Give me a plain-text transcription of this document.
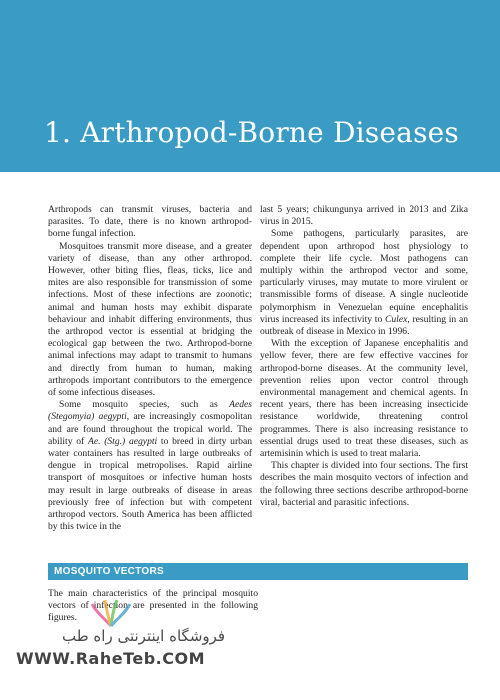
1. Arthropod-Borne Diseases

Arthropods can transmit viruses, bacteria and parasites. To date, there is no known arthropod-borne fungal infection.

Mosquitoes transmit more disease, and a greater variety of disease, than any other arthropod. However, other biting flies, fleas, ticks, lice and mites are also responsible for transmission of some infections. Most of these infections are zoonotic; animal and human hosts may exhibit disparate behaviour and inhabit differing environments, thus the arthropod vector is essential at bridging the ecological gap between the two. Arthropod-borne animal infections may adapt to transmit to humans and directly from human to human, making arthropods important contributors to the emergence of some infectious diseases.

Some mosquito species, such as Aedes (Stegomyia) aegypti, are increasingly cosmopolitan and are found throughout the tropical world. The ability of Ae. (Stg.) aegypti to breed in dirty urban water containers has resulted in large outbreaks of dengue in tropical metropolises. Rapid airline transport of mosquitoes or infective human hosts may result in large outbreaks of disease in areas previously free of infection but with competent arthropod vectors. South America has been afflicted by this twice in the

last 5 years; chikungunya arrived in 2013 and Zika virus in 2015.

Some pathogens, particularly parasites, are dependent upon arthropod host physiology to complete their life cycle. Most pathogens can multiply within the arthropod vector and some, particularly viruses, may mutate to more virulent or transmissible forms of disease. A single nucleotide polymorphism in Venezuelan equine encephalitis virus increased its infectivity to Culex, resulting in an outbreak of disease in Mexico in 1996.

With the exception of Japanese encephalitis and yellow fever, there are few effective vaccines for arthropod-borne diseases. At the community level, prevention relies upon vector control through environmental management and chemical agents. In recent years, there has been increasing insecticide resistance worldwide, threatening control programmes. There is also increasing resistance to essential drugs used to treat these diseases, such as artemisinin which is used to treat malaria.

This chapter is divided into four sections. The first describes the main mosquito vectors of infection and the following three sections describe arthropod-borne viral, bacterial and parasitic infections.

MOSQUITO VECTORS

The main characteristics of the principal mosquito vectors of infection are presented in the following figures.

فروشگاه اینترنتی راه طب
WWW.RaheTeb.COM
